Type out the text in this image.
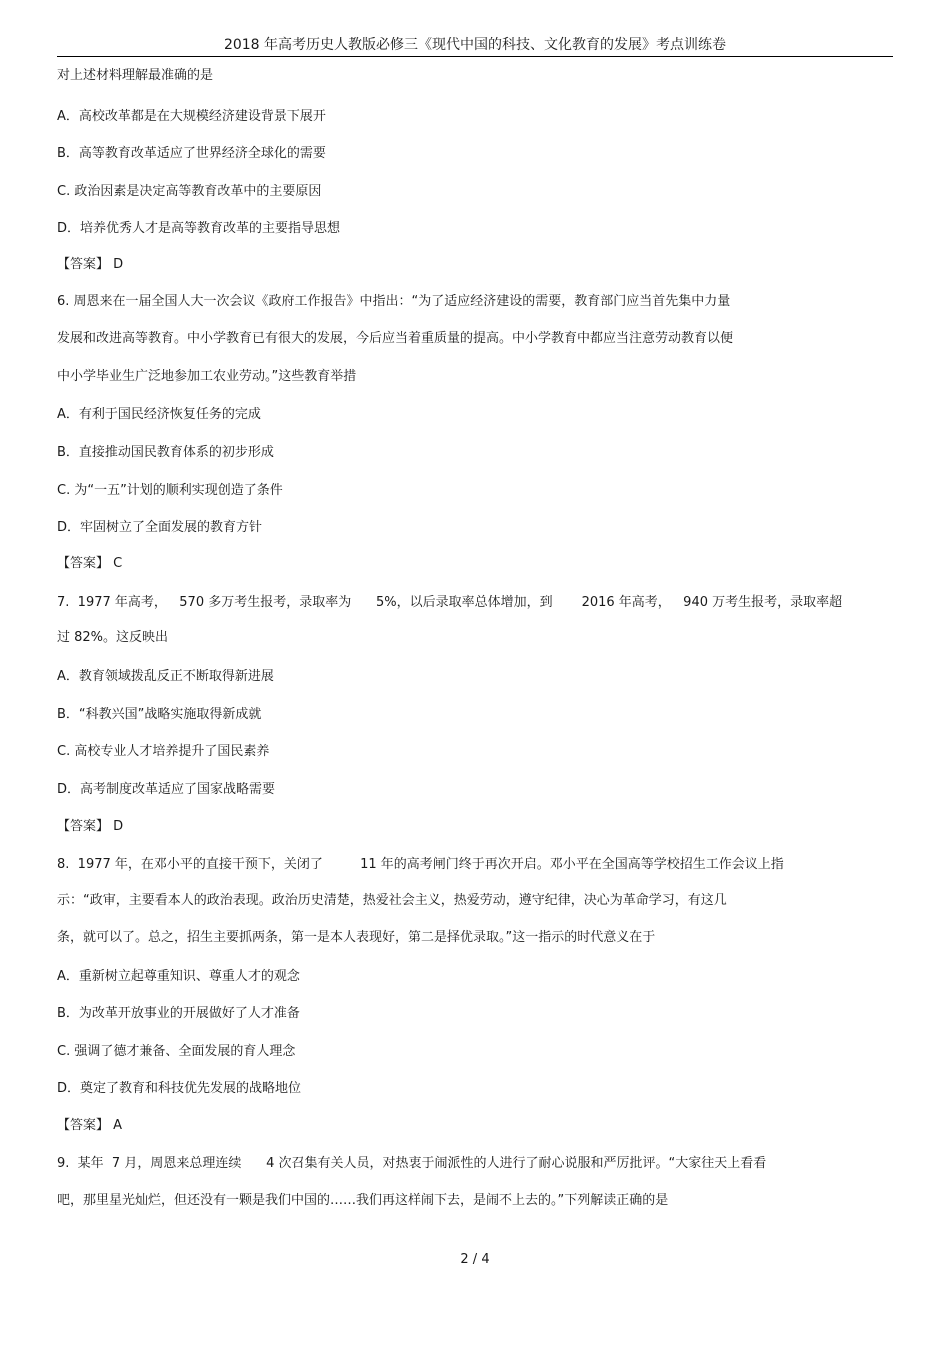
2018 年高考历史人教版必修三《现代中国的科技、文化教育的发展》考点训练卷
对上述材料理解最准确的是
A．高校改革都是在大规模经济建设背景下展开
B．高等教育改革适应了世界经济全球化的需要
C. 政治因素是决定高等教育改革中的主要原因
D．培养优秀人才是高等教育改革的主要指导思想
【答案】 D
6. 周恩来在一届全国人大一次会议《政府工作报告》中指出：“为了适应经济建设的需要，教育部门应当首先集中力量
发展和改进高等教育。中小学教育已有很大的发展，今后应当着重质量的提高。中小学教育中都应当注意劳动教育以便
中小学毕业生广泛地参加工农业劳动。”这些教育举措
A．有利于国民经济恢复任务的完成
B．直接推动国民教育体系的初步形成
C. 为“一五”计划的顺利实现创造了条件
D．牢固树立了全面发展的教育方针
【答案】 C
7.  1977 年高考，   570 多万考生报考，录取率为      5%，以后录取率总体增加，到       2016 年高考，   940 万考生报考，录取率超
过 82%。这反映出
A．教育领域拨乱反正不断取得新进展
B．“科教兴国”战略实施取得新成就
C. 高校专业人才培养提升了国民素养
D．高考制度改革适应了国家战略需要
【答案】 D
8.  1977 年，在邓小平的直接干预下，关闭了         11 年的高考闸门终于再次开启。邓小平在全国高等学校招生工作会议上指
示：“政审，主要看本人的政治表现。政治历史清楚，热爱社会主义，热爱劳动，遵守纪律，决心为革命学习，有这几
条，就可以了。总之，招生主要抓两条，第一是本人表现好，第二是择优录取。”这一指示的时代意义在于
A．重新树立起尊重知识、尊重人才的观念
B．为改革开放事业的开展做好了人才准备
C. 强调了德才兼备、全面发展的育人理念
D．奠定了教育和科技优先发展的战略地位
【答案】 A
9.  某年  7 月，周恩来总理连续      4 次召集有关人员，对热衷于闹派性的人进行了耐心说服和严厉批评。“大家往天上看看
吧，那里星光灿烂，但还没有一颗是我们中国的……我们再这样闹下去，是闹不上去的。”下列解读正确的是
2 / 4
